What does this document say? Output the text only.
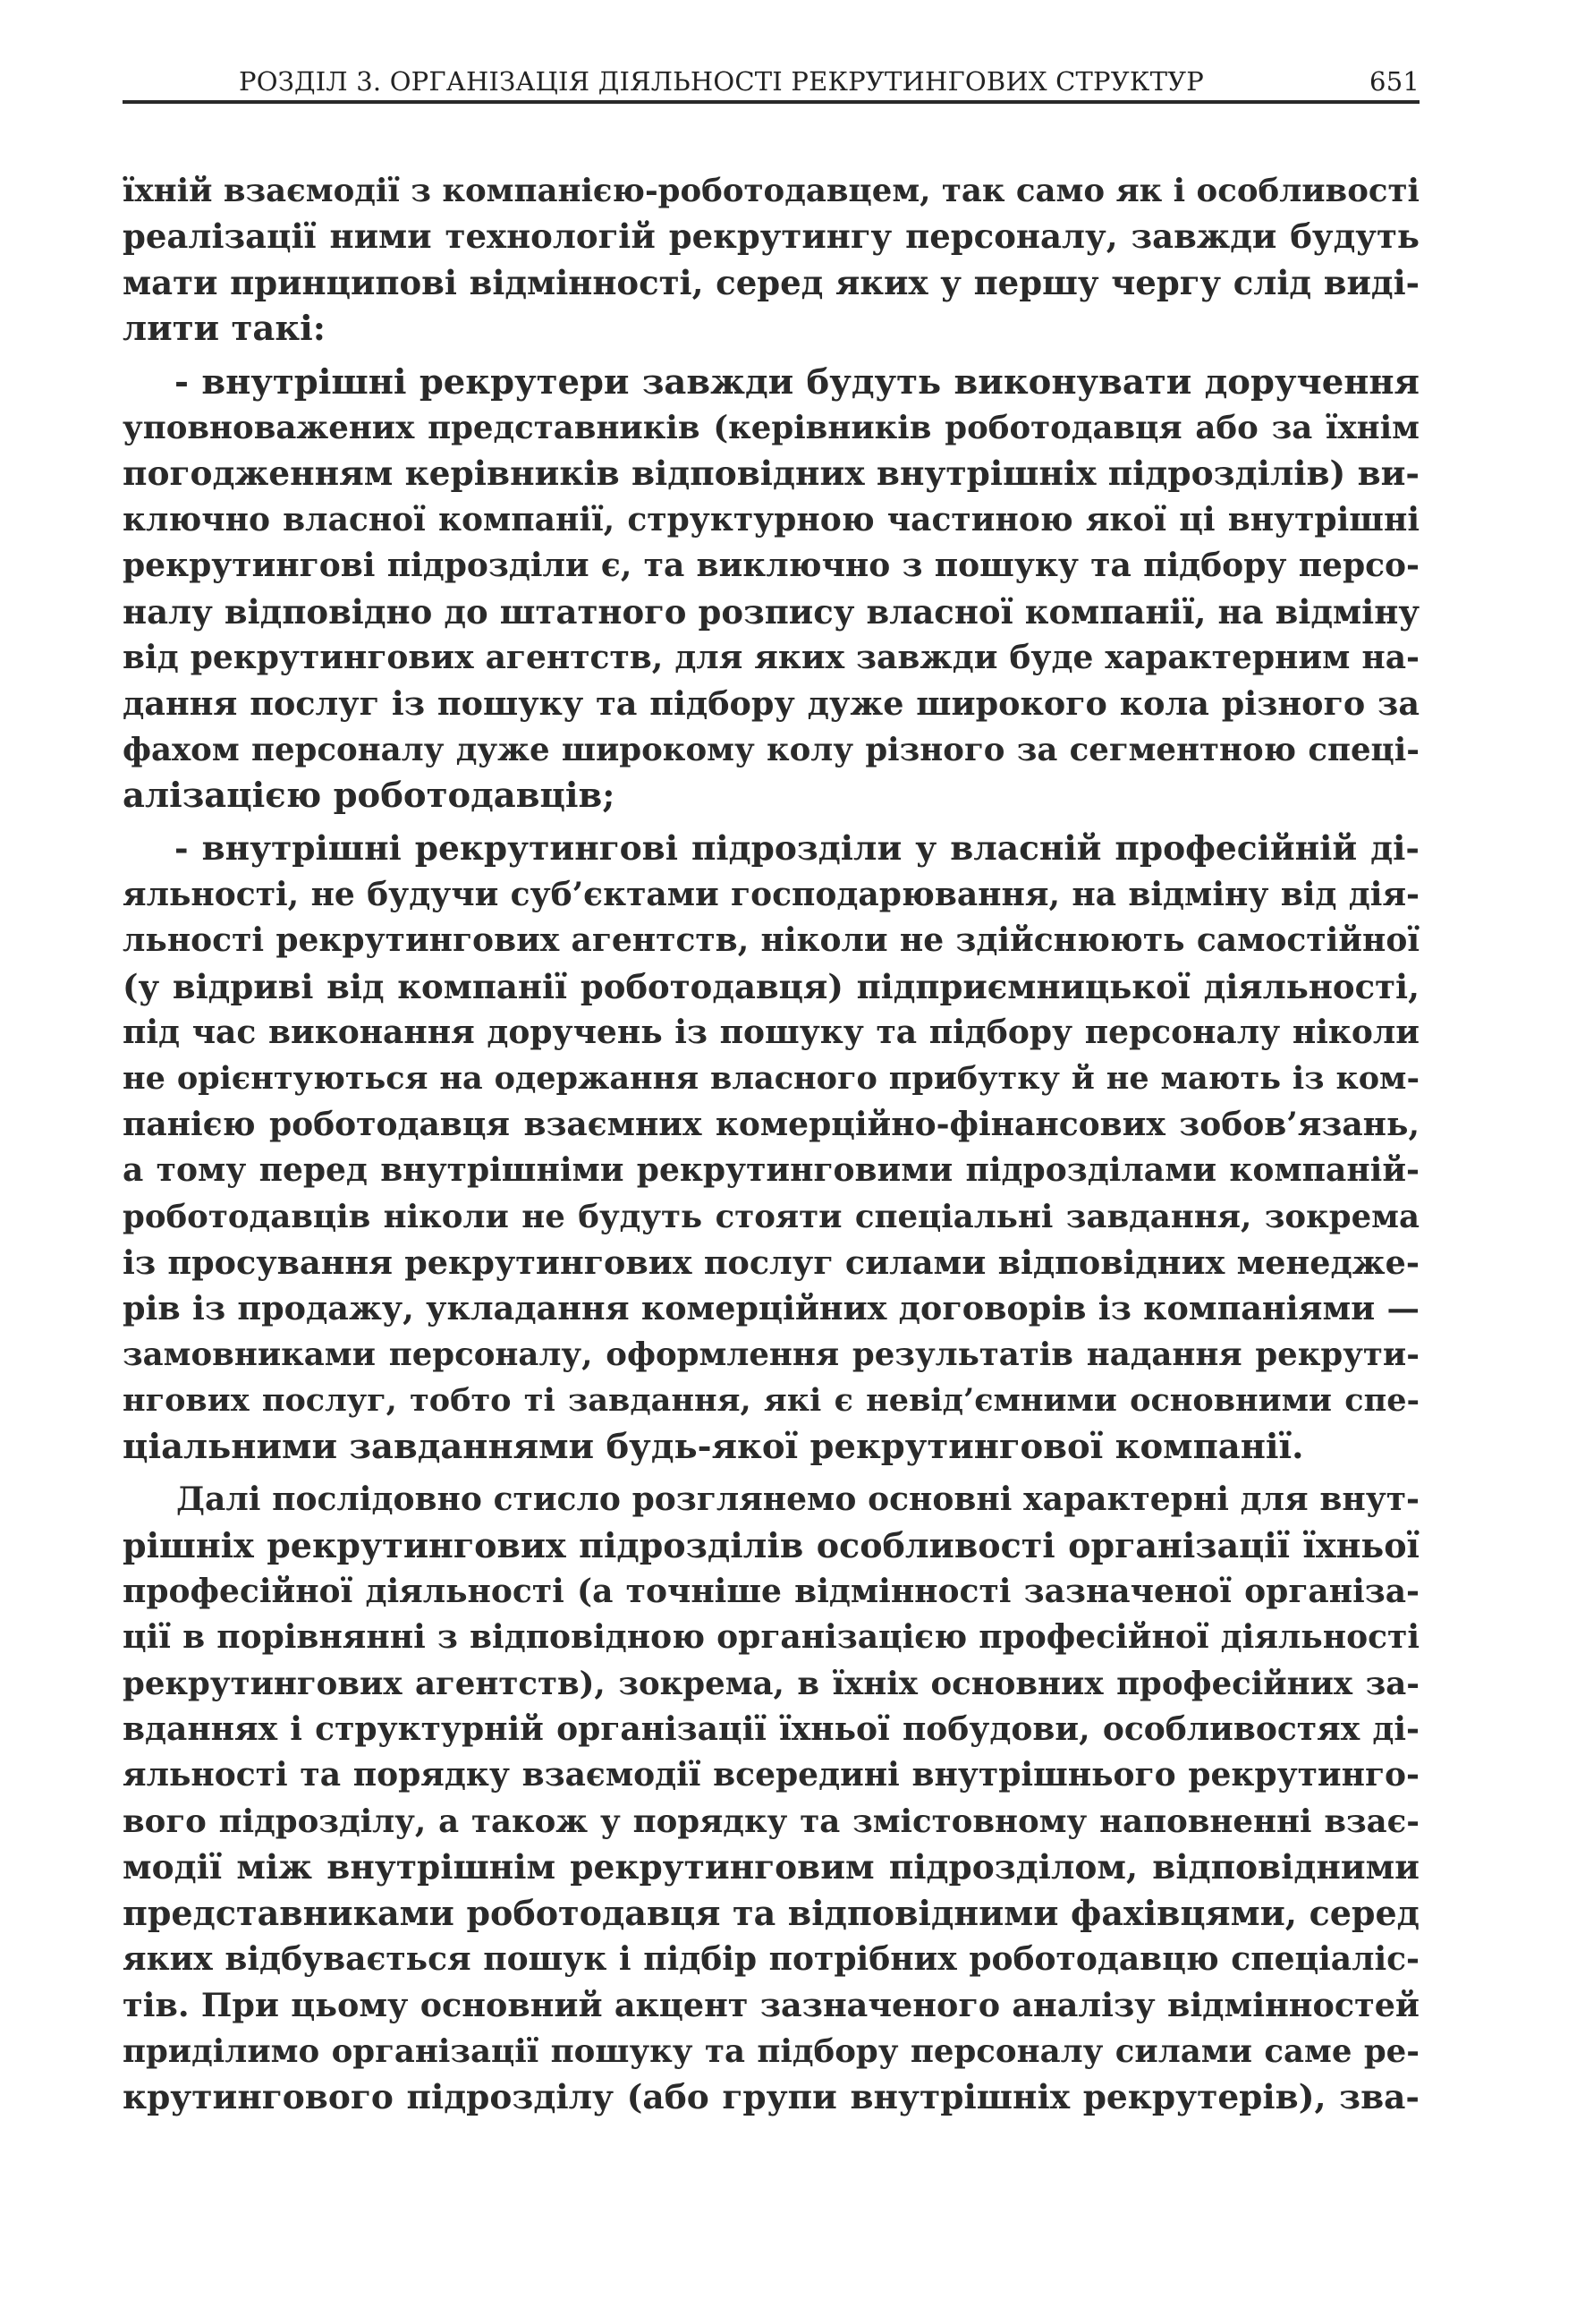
РОЗДІЛ 3. ОРГАНІЗАЦІЯ ДІЯЛЬНОСТІ РЕКРУТИНГОВИХ СТРУКТУР	651
їхній взаємодії з компанією-роботодавцем, так само як і особливості
реалізації ними технологій рекрутингу персоналу, завжди будуть
мати принципові відмінності, серед яких у першу чергу слід виді-
лити такі:
- внутрішні рекрутери завжди будуть виконувати доручення
уповноважених представників (керівників роботодавця або за їхнім
погодженням керівників відповідних внутрішніх підрозділів) ви-
ключно власної компанії, структурною частиною якої ці внутрішні
рекрутингові підрозділи є, та виключно з пошуку та підбору персо-
налу відповідно до штатного розпису власної компанії, на відміну
від рекрутингових агентств, для яких завжди буде характерним на-
дання послуг із пошуку та підбору дуже широкого кола різного за
фахом персоналу дуже широкому колу різного за сегментною спеці-
алізацією роботодавців;
- внутрішні рекрутингові підрозділи у власній професійній ді-
яльності, не будучи суб’єктами господарювання, на відміну від дія-
льності рекрутингових агентств, ніколи не здійснюють самостійної
(у відриві від компанії роботодавця) підприємницької діяльності,
під час виконання доручень із пошуку та підбору персоналу ніколи
не орієнтуються на одержання власного прибутку й не мають із ком-
панією роботодавця взаємних комерційно-фінансових зобов’язань,
а тому перед внутрішніми рекрутинговими підрозділами компаній-
роботодавців ніколи не будуть стояти спеціальні завдання, зокрема
із просування рекрутингових послуг силами відповідних менедже-
рів із продажу, укладання комерційних договорів із компаніями —
замовниками персоналу, оформлення результатів надання рекрути-
нгових послуг, тобто ті завдання, які є невід’ємними основними спе-
ціальними завданнями будь-якої рекрутингової компанії.
Далі послідовно стисло розглянемо основні характерні для внут-
рішніх рекрутингових підрозділів особливості організації їхньої
професійної діяльності (а точніше відмінності зазначеної організа-
ції в порівнянні з відповідною організацією професійної діяльності
рекрутингових агентств), зокрема, в їхніх основних професійних за-
вданнях і структурній організації їхньої побудови, особливостях ді-
яльності та порядку взаємодії всередині внутрішнього рекрутинго-
вого підрозділу, а також у порядку та змістовному наповненні взає-
модії між внутрішнім рекрутинговим підрозділом, відповідними
представниками роботодавця та відповідними фахівцями, серед
яких відбувається пошук і підбір потрібних роботодавцю спеціаліс-
тів. При цьому основний акцент зазначеного аналізу відмінностей
приділимо організації пошуку та підбору персоналу силами саме ре-
крутингового підрозділу (або групи внутрішніх рекрутерів), зва-
